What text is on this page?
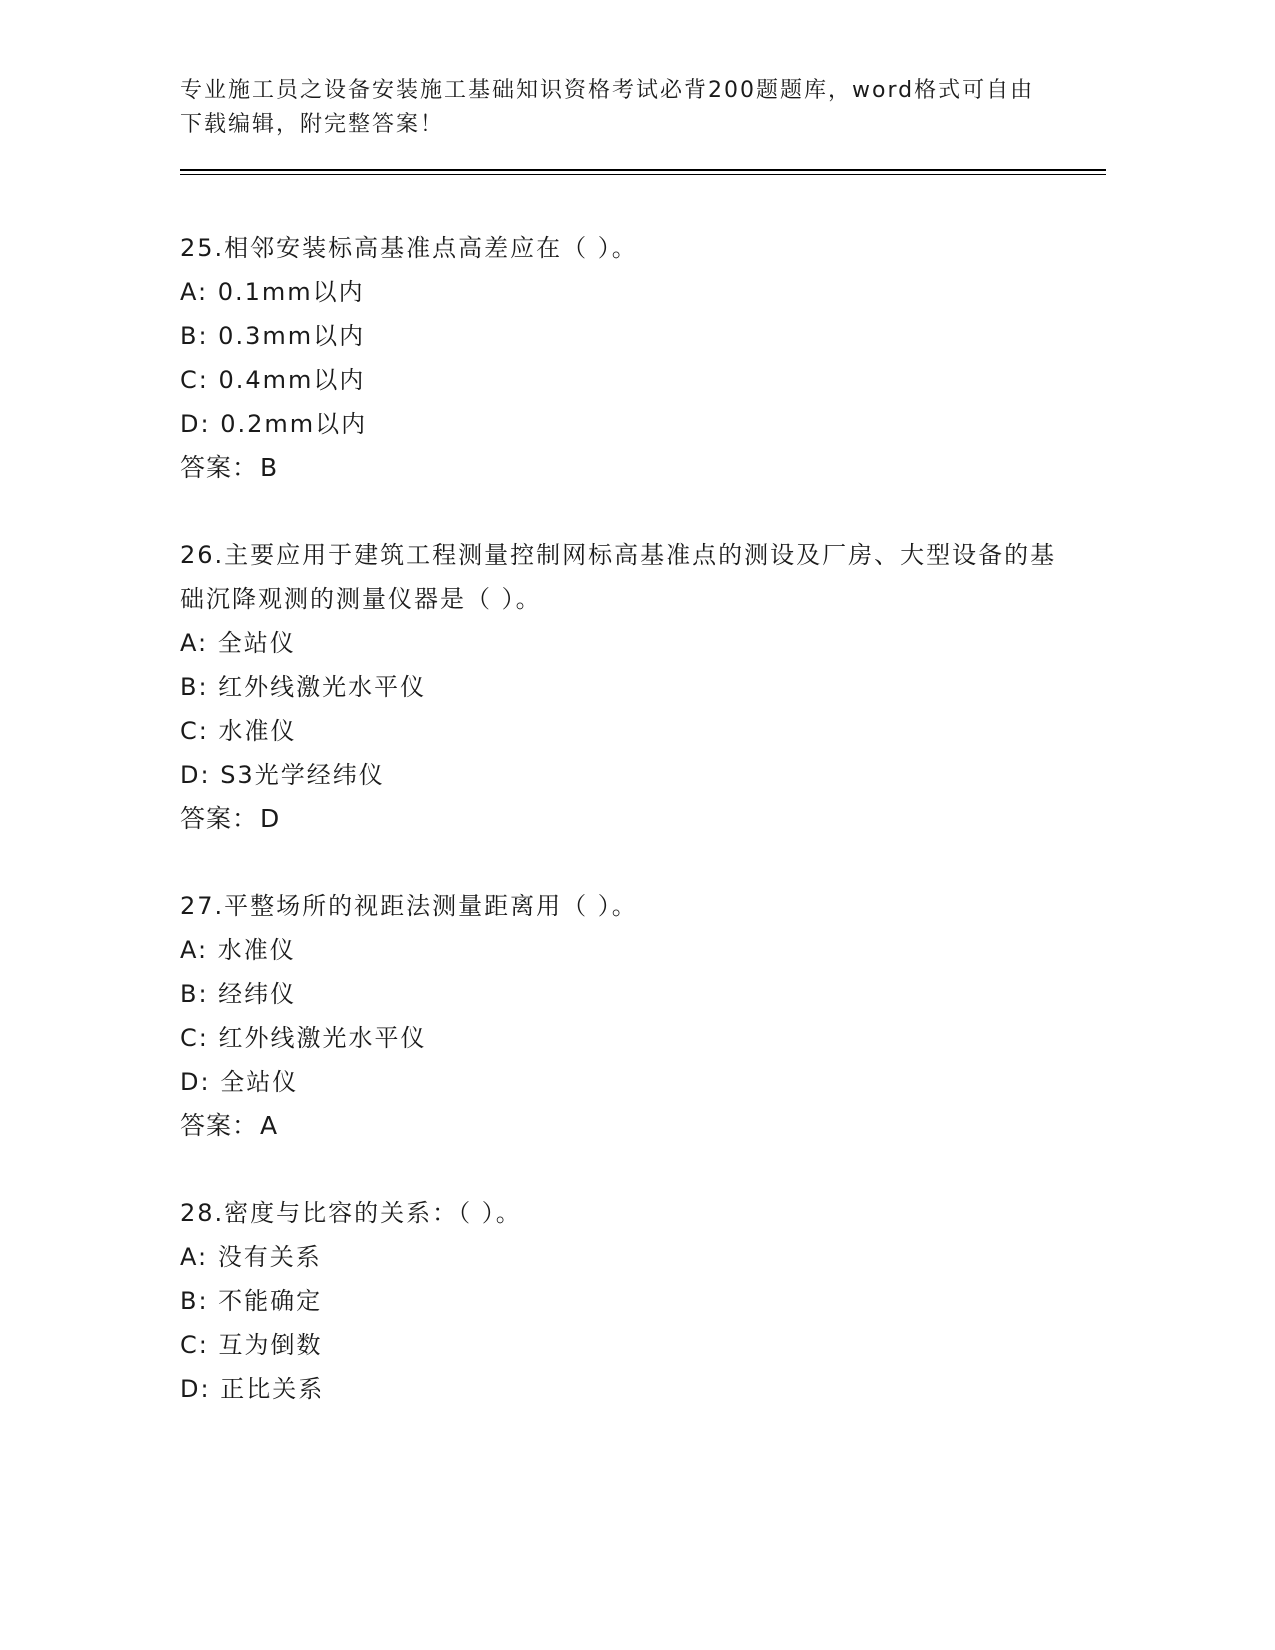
专业施工员之设备安装施工基础知识资格考试必背200题题库，word格式可自由
下载编辑，附完整答案！

25.相邻安装标高基准点高差应在（ ）。

A: 0.1mm以内

B: 0.3mm以内

C: 0.4mm以内

D: 0.2mm以内

答案：B

26.主要应用于建筑工程测量控制网标高基准点的测设及厂房、大型设备的基础沉降观测的测量仪器是（ ）。

A: 全站仪

B: 红外线激光水平仪

C: 水准仪

D: S3光学经纬仪

答案：D

27.平整场所的视距法测量距离用（ ）。

A: 水准仪

B: 经纬仪

C: 红外线激光水平仪

D: 全站仪

答案：A

28.密度与比容的关系：（ ）。

A: 没有关系

B: 不能确定

C: 互为倒数

D: 正比关系
